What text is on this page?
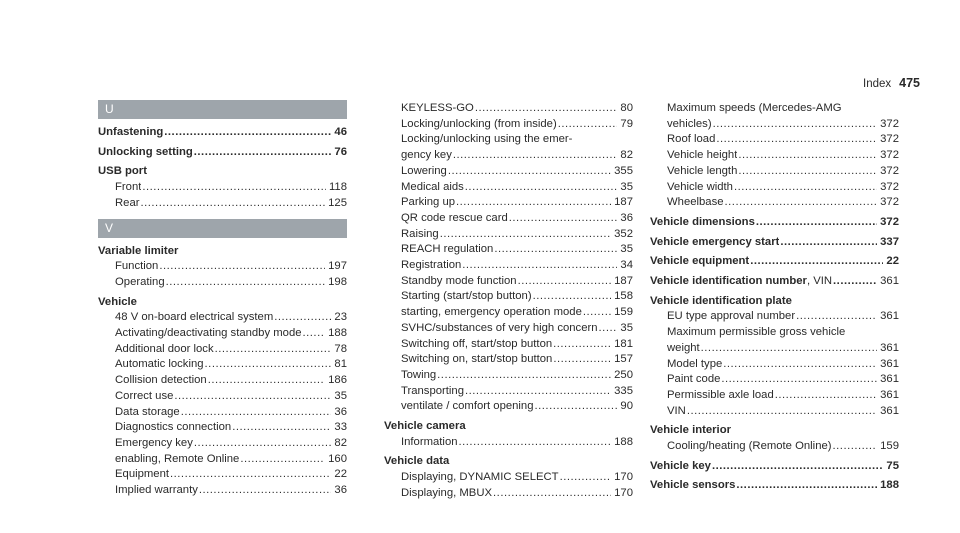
Index 475
U
Unfastening .....	46
Unlocking setting .....	76
USB port
Front .....	118
Rear .....	125
V
Variable limiter
Function .....	197
Operating .....	198
Vehicle
48 V on-board electrical system .....	23
Activating/deactivating standby mode ..... 188
Additional door lock .....	78
Automatic locking .....	81
Collision detection .....	186
Correct use .....	35
Data storage .....	36
Diagnostics connection .....	33
Emergency key .....	82
enabling, Remote Online .....	160
Equipment .....	22
Implied warranty .....	36
KEYLESS-GO .....	80
Locking/unlocking (from inside) .....	79
Locking/unlocking using the emer-
gency key .....	82
Lowering .....	355
Medical aids .....	35
Parking up .....	187
QR code rescue card .....	36
Raising .....	352
REACH regulation .....	35
Registration .....	34
Standby mode function .....	187
Starting (start/stop button) .....	158
starting, emergency operation mode .....	159
SVHC/substances of very high concern ..... 35
Switching off, start/stop button .....	181
Switching on, start/stop button .....	157
Towing .....	250
Transporting .....	335
ventilate / comfort opening .....	90
Vehicle camera
Information .....	188
Vehicle data
Displaying, DYNAMIC SELECT .....	170
Displaying, MBUX .....	170
Maximum speeds (Mercedes-AMG
vehicles) .....	372
Roof load .....	372
Vehicle height .....	372
Vehicle length .....	372
Vehicle width .....	372
Wheelbase .....	372
Vehicle dimensions .....	372
Vehicle emergency start .....	337
Vehicle equipment .....	22
Vehicle identification number, VIN .....	361
Vehicle identification plate
EU type approval number .....	361
Maximum permissible gross vehicle
weight .....	361
Model type .....	361
Paint code .....	361
Permissible axle load .....	361
VIN .....	361
Vehicle interior
Cooling/heating (Remote Online) .....	159
Vehicle key .....	75
Vehicle sensors .....	188
